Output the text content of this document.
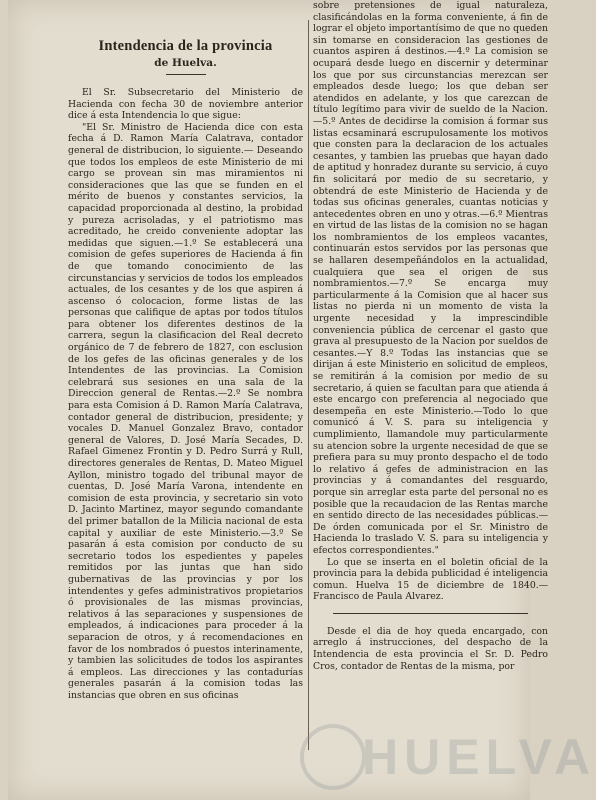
Intendencia de la provincia
de Huelva.

El Sr. Subsecretario del Ministerio de Hacienda con fecha 30 de noviembre anterior dice á esta Intendencia lo que sigue:

"El Sr. Ministro de Hacienda dice con esta fecha á D. Ramon María Calatrava, contador general de distribucion, lo siguiente.— Deseando que todos los empleos de este Ministerio de mi cargo se provean sin mas miramientos ni consideraciones que las que se funden en el mérito de buenos y constantes servicios, la capacidad proporcionada al destino, la probidad y pureza acrisoladas, y el patriotismo mas acreditado, he creido conveniente adoptar las medidas que siguen.—1.º Se establecerá una comision de gefes superiores de Hacienda á fin de que tomando conocimiento de las circunstancias y servicios de todos los empleados actuales, de los cesantes y de los que aspiren á ascenso ó colocacion, forme listas de las personas que califique de aptas por todos títulos para obtener los diferentes destinos de la carrera, segun la clasificacion del Real decreto orgánico de 7 de febrero de 1827, con esclusion de los gefes de las oficinas generales y de los Intendentes de las provincias. La Comision celebrará sus sesiones en una sala de la Direccion general de Rentas.—2.º Se nombra para esta Comision á D. Ramon María Calatrava, contador general de distribucion, presidente; y vocales D. Manuel Gonzalez Bravo, contador general de Valores, D. José María Secades, D. Rafael Gimenez Frontin y D. Pedro Surrá y Rull, directores generales de Rentas, D. Mateo Miguel Ayllon, ministro togado del tribunal mayor de cuentas, D. José María Varona, intendente en comision de esta provincia, y secretario sin voto D. Jacinto Martinez, mayor segundo comandante del primer batallon de la Milicia nacional de esta capital y auxiliar de este Ministerio.—3.º Se pasarán á esta comision por conducto de su secretario todos los espedientes y papeles remitidos por las juntas que han sido gubernativas de las provincias y por los intendentes y gefes administrativos propietarios ó provisionales de las mismas provincias, relativos á las separaciones y suspensiones de empleados, á indicaciones para proceder á la separacion de otros, y á recomendaciones en favor de los nombrados ó puestos interinamente, y tambien las solicitudes de todos los aspirantes á empleos. Las direcciones y las contadurías generales pasarán á la comision todas las instancias que obren en sus oficinas

sobre pretensiones de igual naturaleza, clasificándolas en la forma conveniente, á fin de lograr el objeto importantísimo de que no queden sin tomarse en consideracion las gestiones de cuantos aspiren á destinos.—4.º La comision se ocupará desde luego en discernir y determinar los que por sus circunstancias merezcan ser empleados desde luego; los que deban ser atendidos en adelante, y los que carezcan de título legítimo para vivir de sueldo de la Nacion.—5.º Antes de decidirse la comision á formar sus listas ecsaminará escrupulosamente los motivos que consten para la declaracion de los actuales cesantes, y tambien las pruebas que hayan dado de aptitud y honradez durante su servicio, á cuyo fin solicitará por medio de su secretario, y obtendrá de este Ministerio de Hacienda y de todas sus oficinas generales, cuantas noticias y antecedentes obren en uno y otras.—6.º Mientras en virtud de las listas de la comision no se hagan los nombramientos de los empleos vacantes, continuarán estos servidos por las personas que se hallaren desempeñándolos en la actualidad, cualquiera que sea el origen de sus nombramientos.—7.º Se encarga muy particularmente á la Comision que al hacer sus listas no pierda ni un momento de vista la urgente necesidad y la imprescindible conveniencia pública de cercenar el gasto que grava al presupuesto de la Nacion por sueldos de cesantes.—Y 8.º Todas las instancias que se dirijan á este Ministerio en solicitud de empleos, se remitirán á la comision por medio de su secretario, á quien se facultan para que atienda á este encargo con preferencia al negociado que desempeña en este Ministerio.—Todo lo que comunicó á V. S. para su inteligencia y cumplimiento, llamandole muy particularmente su atencion sobre la urgente necesidad de que se prefiera para su muy pronto despacho el de todo lo relativo á gefes de administracion en las provincias y á comandantes del resguardo, porque sin arreglar esta parte del personal no es posible que la recaudacion de las Rentas marche en sentido directo de las necesidades públicas.—De órden comunicada por el Sr. Ministro de Hacienda lo traslado V. S. para su inteligencia y efectos correspondientes."

Lo que se inserta en el boletin oficial de la provincia para la debida publicidad é inteligencia comun. Huelva 15 de diciembre de 1840.—Francisco de Paula Alvarez.

Desde el dia de hoy queda encargado, con arreglo á instrucciones, del despacho de la Intendencia de esta provincia el Sr. D. Pedro Cros, contador de Rentas de la misma, por

HUELVA
